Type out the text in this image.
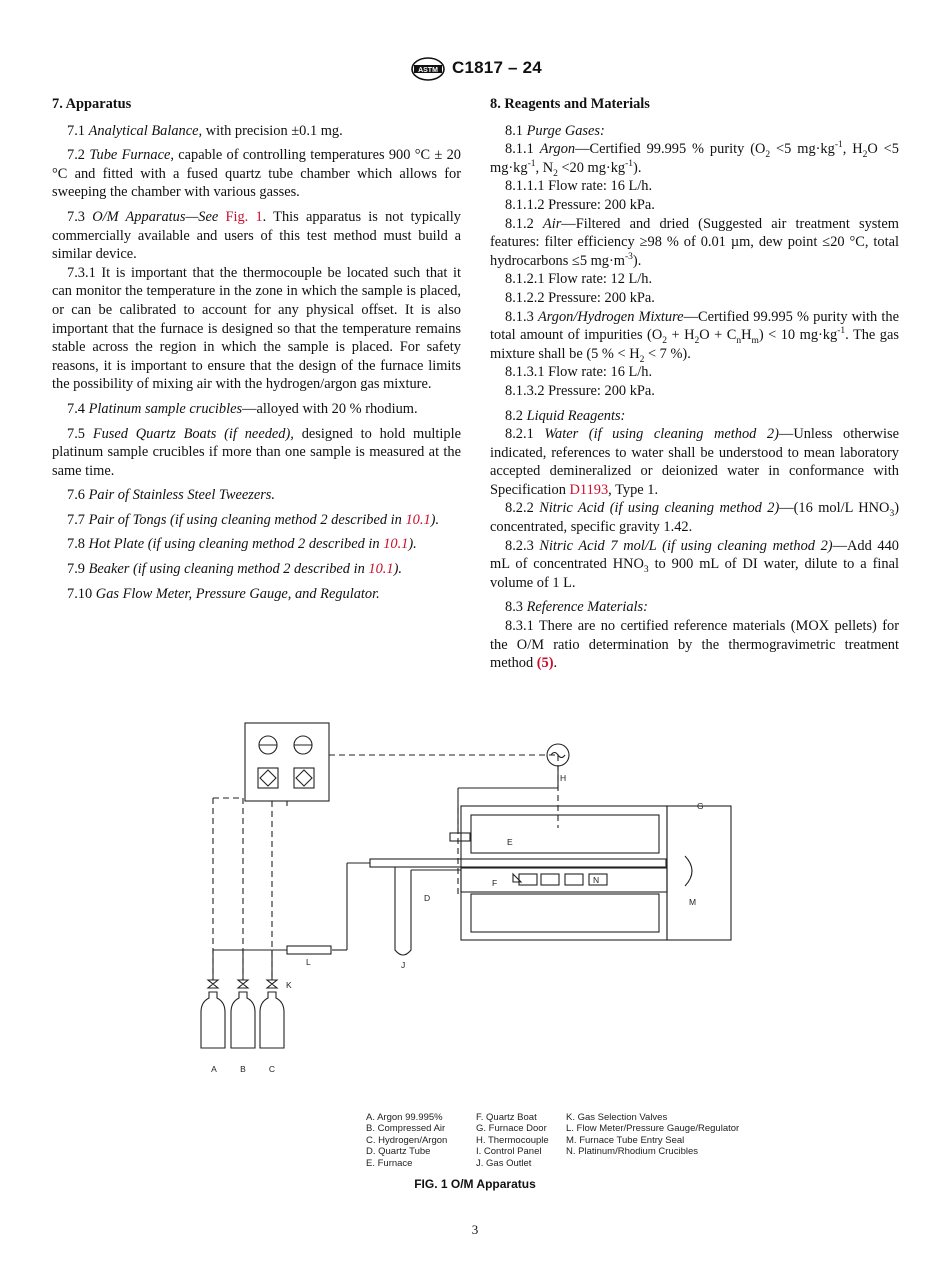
ASTM C1817 – 24

7. Apparatus

7.1 Analytical Balance, with precision ±0.1 mg.

7.2 Tube Furnace, capable of controlling temperatures 900 °C ± 20 °C and fitted with a fused quartz tube chamber which allows for sweeping the chamber with various gasses.

7.3 O/M Apparatus—See Fig. 1. This apparatus is not typically commercially available and users of this test method must build a similar device.

7.3.1 It is important that the thermocouple be located such that it can monitor the temperature in the zone in which the sample is placed, or can be calibrated to account for any physical offset. It is also important that the furnace is designed so that the temperature remains stable across the region in which the sample is placed. For safety reasons, it is important to ensure that the design of the furnace limits the possibility of mixing air with the hydrogen/argon gas mixture.

7.4 Platinum sample crucibles—alloyed with 20 % rhodium.

7.5 Fused Quartz Boats (if needed), designed to hold multiple platinum sample crucibles if more than one sample is measured at the same time.

7.6 Pair of Stainless Steel Tweezers.

7.7 Pair of Tongs (if using cleaning method 2 described in 10.1).

7.8 Hot Plate (if using cleaning method 2 described in 10.1).

7.9 Beaker (if using cleaning method 2 described in 10.1).

7.10 Gas Flow Meter, Pressure Gauge, and Regulator.

8. Reagents and Materials

8.1 Purge Gases:

8.1.1 Argon—Certified 99.995 % purity ($O_2 <5$ $mg\cdot kg^{-1}$, $H_2O <5$ $mg\cdot kg^{-1}$, $N_2 <20$ $mg\cdot kg^{-1}$).

8.1.1.1 Flow rate: 16 L/h.

8.1.1.2 Pressure: 200 kPa.

8.1.2 Air—Filtered and dried (Suggested air treatment system features: filter efficiency ≥98 % of 0.01 µm, dew point ≤20 °C, total hydrocarbons ≤5 $mg\cdot m^{-3}$).

8.1.2.1 Flow rate: 12 L/h.

8.1.2.2 Pressure: 200 kPa.

8.1.3 Argon/Hydrogen Mixture—Certified 99.995 % purity with the total amount of impurities $(O_2 + H_2O + C_nH_m) < 10$ $mg\cdot kg^{-1}$. The gas mixture shall be (5 % < $H_2 < 7$ %).

8.1.3.1 Flow rate: 16 L/h.

8.1.3.2 Pressure: 200 kPa.

8.2 Liquid Reagents:

8.2.1 Water (if using cleaning method 2)—Unless otherwise indicated, references to water shall be understood to mean laboratory accepted demineralized or deionized water in conformance with Specification D1193, Type 1.

8.2.2 Nitric Acid (if using cleaning method 2)—(16 mol/L $HNO_3$) concentrated, specific gravity 1.42.

8.2.3 Nitric Acid 7 mol/L (if using cleaning method 2)—Add 440 mL of concentrated $HNO_3$ to 900 mL of DI water, dilute to a final volume of 1 L.

8.3 Reference Materials:

8.3.1 There are no certified reference materials (MOX pellets) for the O/M ratio determination by the thermogravimetric treatment method (5).

A	B	C
D
E
F
G
H
J
K
L
M
N
A. Argon 99.995%
B. Compressed Air
C. Hydrogen/Argon
D. Quartz Tube
E. Furnace
F. Quartz Boat
G. Furnace Door
H. Thermocouple
I. Control Panel
J. Gas Outlet
K. Gas Selection Valves
L. Flow Meter/Pressure Gauge/Regulator
M. Furnace Tube Entry Seal
N. Platinum/Rhodium Crucibles
FIG. 1 O/M Apparatus
3
